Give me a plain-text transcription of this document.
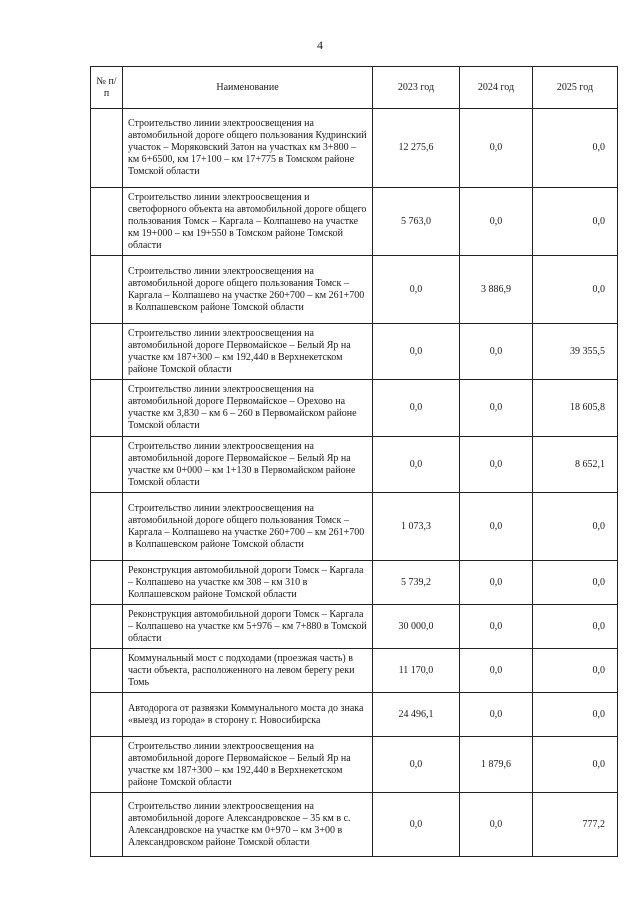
4
№ п/п	Наименование	2023 год	2024 год	2025 год
	Строительство линии электроосвещения на автомобильной дороге общего пользования Кудринский участок – Моряковский Затон на участках км 3+800 – км 6+6500, км 17+100 – км 17+775 в Томском районе Томской области	12 275,6	0,0	0,0
	Строительство линии электроосвещения и светофорного объекта на автомобильной дороге общего пользования Томск – Каргала – Колпашево на участке км 19+000 – км 19+550 в Томском районе Томской области	5 763,0	0,0	0,0
	Строительство линии электроосвещения на автомобильной дороге общего пользования Томск – Каргала – Колпашево на участке 260+700 – км 261+700 в Колпашевском районе Томской области	0,0	3 886,9	0,0
	Строительство линии электроосвещения на автомобильной дороге Первомайское – Белый Яр на участке км 187+300 – км 192,440 в Верхнекетском районе Томской области	0,0	0,0	39 355,5
	Строительство линии электроосвещения на автомобильной дороге Первомайское – Орехово на участке км 3,830 – км 6 – 260 в Первомайском районе Томской области	0,0	0,0	18 605,8
	Строительство линии электроосвещения на автомобильной дороге Первомайское – Белый Яр на участке км 0+000 – км 1+130 в Первомайском районе Томской области	0,0	0,0	8 652,1
	Строительство линии электроосвещения на автомобильной дороге общего пользования Томск – Каргала – Колпашево на участке 260+700 – км 261+700 в Колпашевском районе Томской области	1 073,3	0,0	0,0
	Реконструкция автомобильной дороги Томск – Каргала – Колпашево на участке км 308 – км 310 в Колпашевском районе Томской области	5 739,2	0,0	0,0
	Реконструкция автомобильной дороги Томск – Каргала – Колпашево на участке км 5+976 – км 7+880 в Томской области	30 000,0	0,0	0,0
	Коммунальный мост с подходами (проезжая часть) в части объекта, расположенного на левом берегу реки Томь	11 170,0	0,0	0,0
	Автодорога от развязки Коммунального моста до знака «выезд из города» в сторону г. Новосибирска	24 496,1	0,0	0,0
	Строительство линии электроосвещения на автомобильной дороге Первомайское – Белый Яр на участке км 187+300 – км 192,440 в Верхнекетском районе Томской области	0,0	1 879,6	0,0
	Строительство линии электроосвещения на автомобильной дороге Александровское – 35 км в с. Александровское на участке км 0+970 – км 3+00 в Александровском районе Томской области	0,0	0,0	777,2
